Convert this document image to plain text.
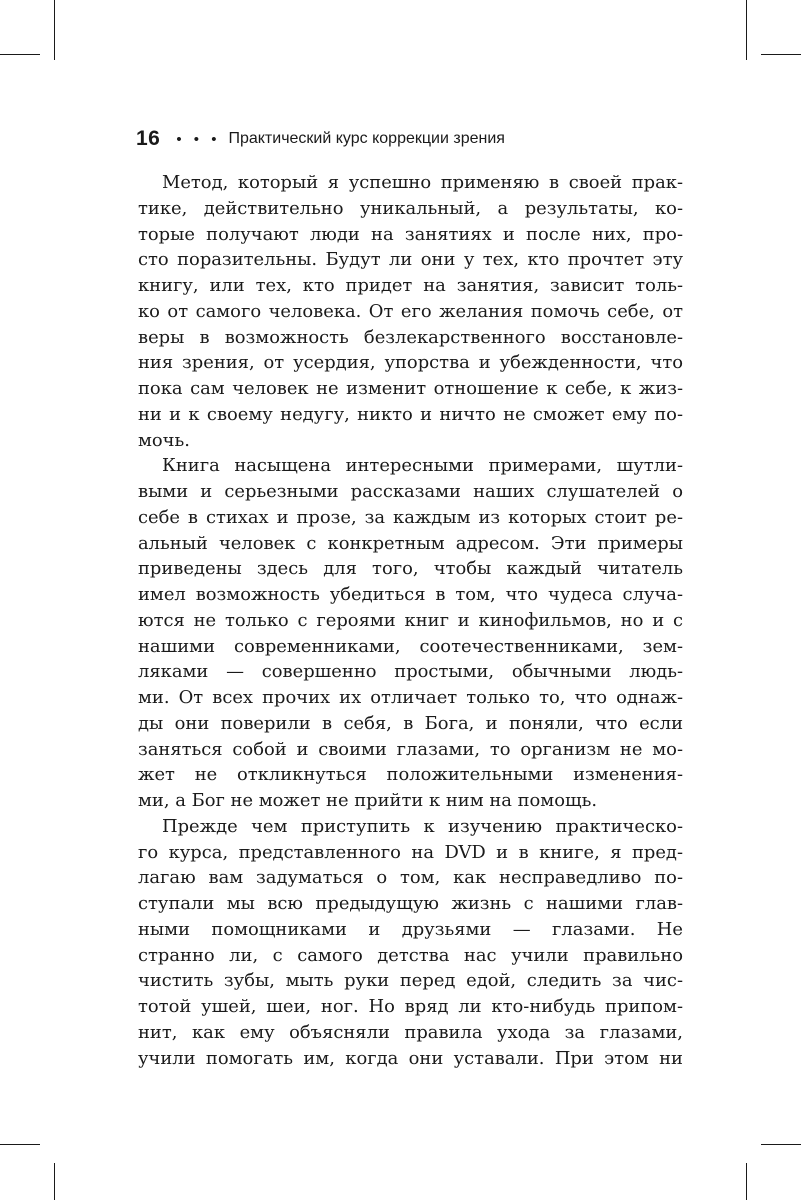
16 • • • Практический курс коррекции зрения
Метод, который я успешно применяю в своей прак-
тике, действительно уникальный, а результаты, ко-
торые получают люди на занятиях и после них, про-
сто поразительны. Будут ли они у тех, кто прочтет эту
книгу, или тех, кто придет на занятия, зависит толь-
ко от самого человека. От его желания помочь себе, от
веры в возможность безлекарственного восстановле-
ния зрения, от усердия, упорства и убежденности, что
пока сам человек не изменит отношение к себе, к жиз-
ни и к своему недугу, никто и ничто не сможет ему по-
мочь.
Книга насыщена интересными примерами, шутли-
выми и серьезными рассказами наших слушателей о
себе в стихах и прозе, за каждым из которых стоит ре-
альный человек с конкретным адресом. Эти примеры
приведены здесь для того, чтобы каждый читатель
имел возможность убедиться в том, что чудеса случа-
ются не только с героями книг и кинофильмов, но и с
нашими современниками, соотечественниками, зем-
ляками — совершенно простыми, обычными людь-
ми. От всех прочих их отличает только то, что однаж-
ды они поверили в себя, в Бога, и поняли, что если
заняться собой и своими глазами, то организм не мо-
жет не откликнуться положительными изменения-
ми, а Бог не может не прийти к ним на помощь.
Прежде чем приступить к изучению практическо-
го курса, представленного на DVD и в книге, я пред-
лагаю вам задуматься о том, как несправедливо по-
ступали мы всю предыдущую жизнь с нашими глав-
ными помощниками и друзьями — глазами. Не
странно ли, с самого детства нас учили правильно
чистить зубы, мыть руки перед едой, следить за чис-
тотой ушей, шеи, ног. Но вряд ли кто-нибудь припом-
нит, как ему объясняли правила ухода за глазами,
учили помогать им, когда они уставали. При этом ни
